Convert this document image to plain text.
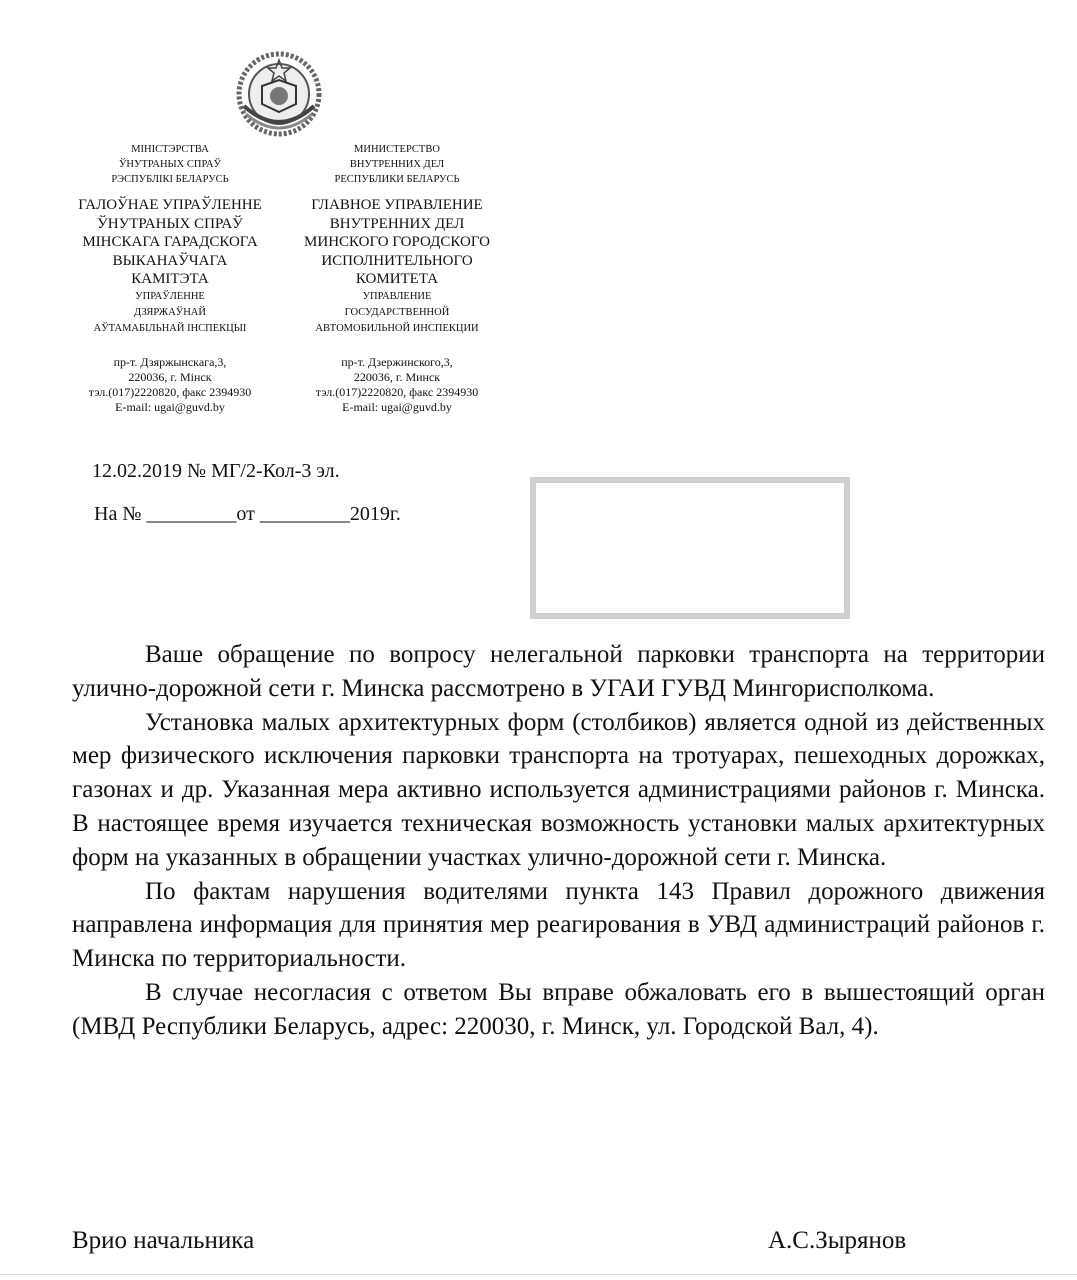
МІНІСТЭРСТВА
ЎНУТРАНЫХ СПРАЎ
РЭСПУБЛІКІ БЕЛАРУСЬ
ГАЛОЎНАЕ УПРАЎЛЕННЕ
ЎНУТРАНЫХ СПРАЎ
МІНСКАГА ГАРАДСКОГА
ВЫКАНАЎЧАГА
КАМІТЭТА
УПРАЎЛЕННЕ
ДЗЯРЖАЎНАЙ
АЎТАМАБІЛЬНАЙ ІНСПЕКЦЫІ
пр-т. Дзяржынскага,3,
220036, г. Мінск
тэл.(017)2220820, факс 2394930
E-mail: ugai@guvd.by
МИНИСТЕРСТВО
ВНУТРЕННИХ ДЕЛ
РЕСПУБЛИКИ БЕЛАРУСЬ
ГЛАВНОЕ УПРАВЛЕНИЕ
ВНУТРЕННИХ ДЕЛ
МИНСКОГО ГОРОДСКОГО
ИСПОЛНИТЕЛЬНОГО
КОМИТЕТА
УПРАВЛЕНИЕ
ГОСУДАРСТВЕННОЙ
АВТОМОБИЛЬНОЙ ИНСПЕКЦИИ
пр-т. Дзержинского,3,
220036, г. Минск
тэл.(017)2220820, факс 2394930
E-mail: ugai@guvd.by
12.02.2019 № МГ/2-Кол-3 эл.
На № _________от _________2019г.

Ваше обращение по вопросу нелегальной парковки транспорта на территории улично-дорожной сети г. Минска рассмотрено в УГАИ ГУВД Мингорисполкома.

Установка малых архитектурных форм (столбиков) является одной из действенных мер физического исключения парковки транспорта на тротуарах, пешеходных дорожках, газонах и др. Указанная мера активно используется администрациями районов г. Минска. В настоящее время изучается техническая возможность установки малых архитектурных форм на указанных в обращении участках улично-дорожной сети г. Минска.

По фактам нарушения водителями пункта 143 Правил дорожного движения направлена информация для принятия мер реагирования в УВД администраций районов г. Минска по территориальности.

В случае несогласия с ответом Вы вправе обжаловать его в вышестоящий орган (МВД Республики Беларусь, адрес: 220030, г. Минск, ул. Городской Вал, 4).

Врио начальника	А.С.Зырянов
